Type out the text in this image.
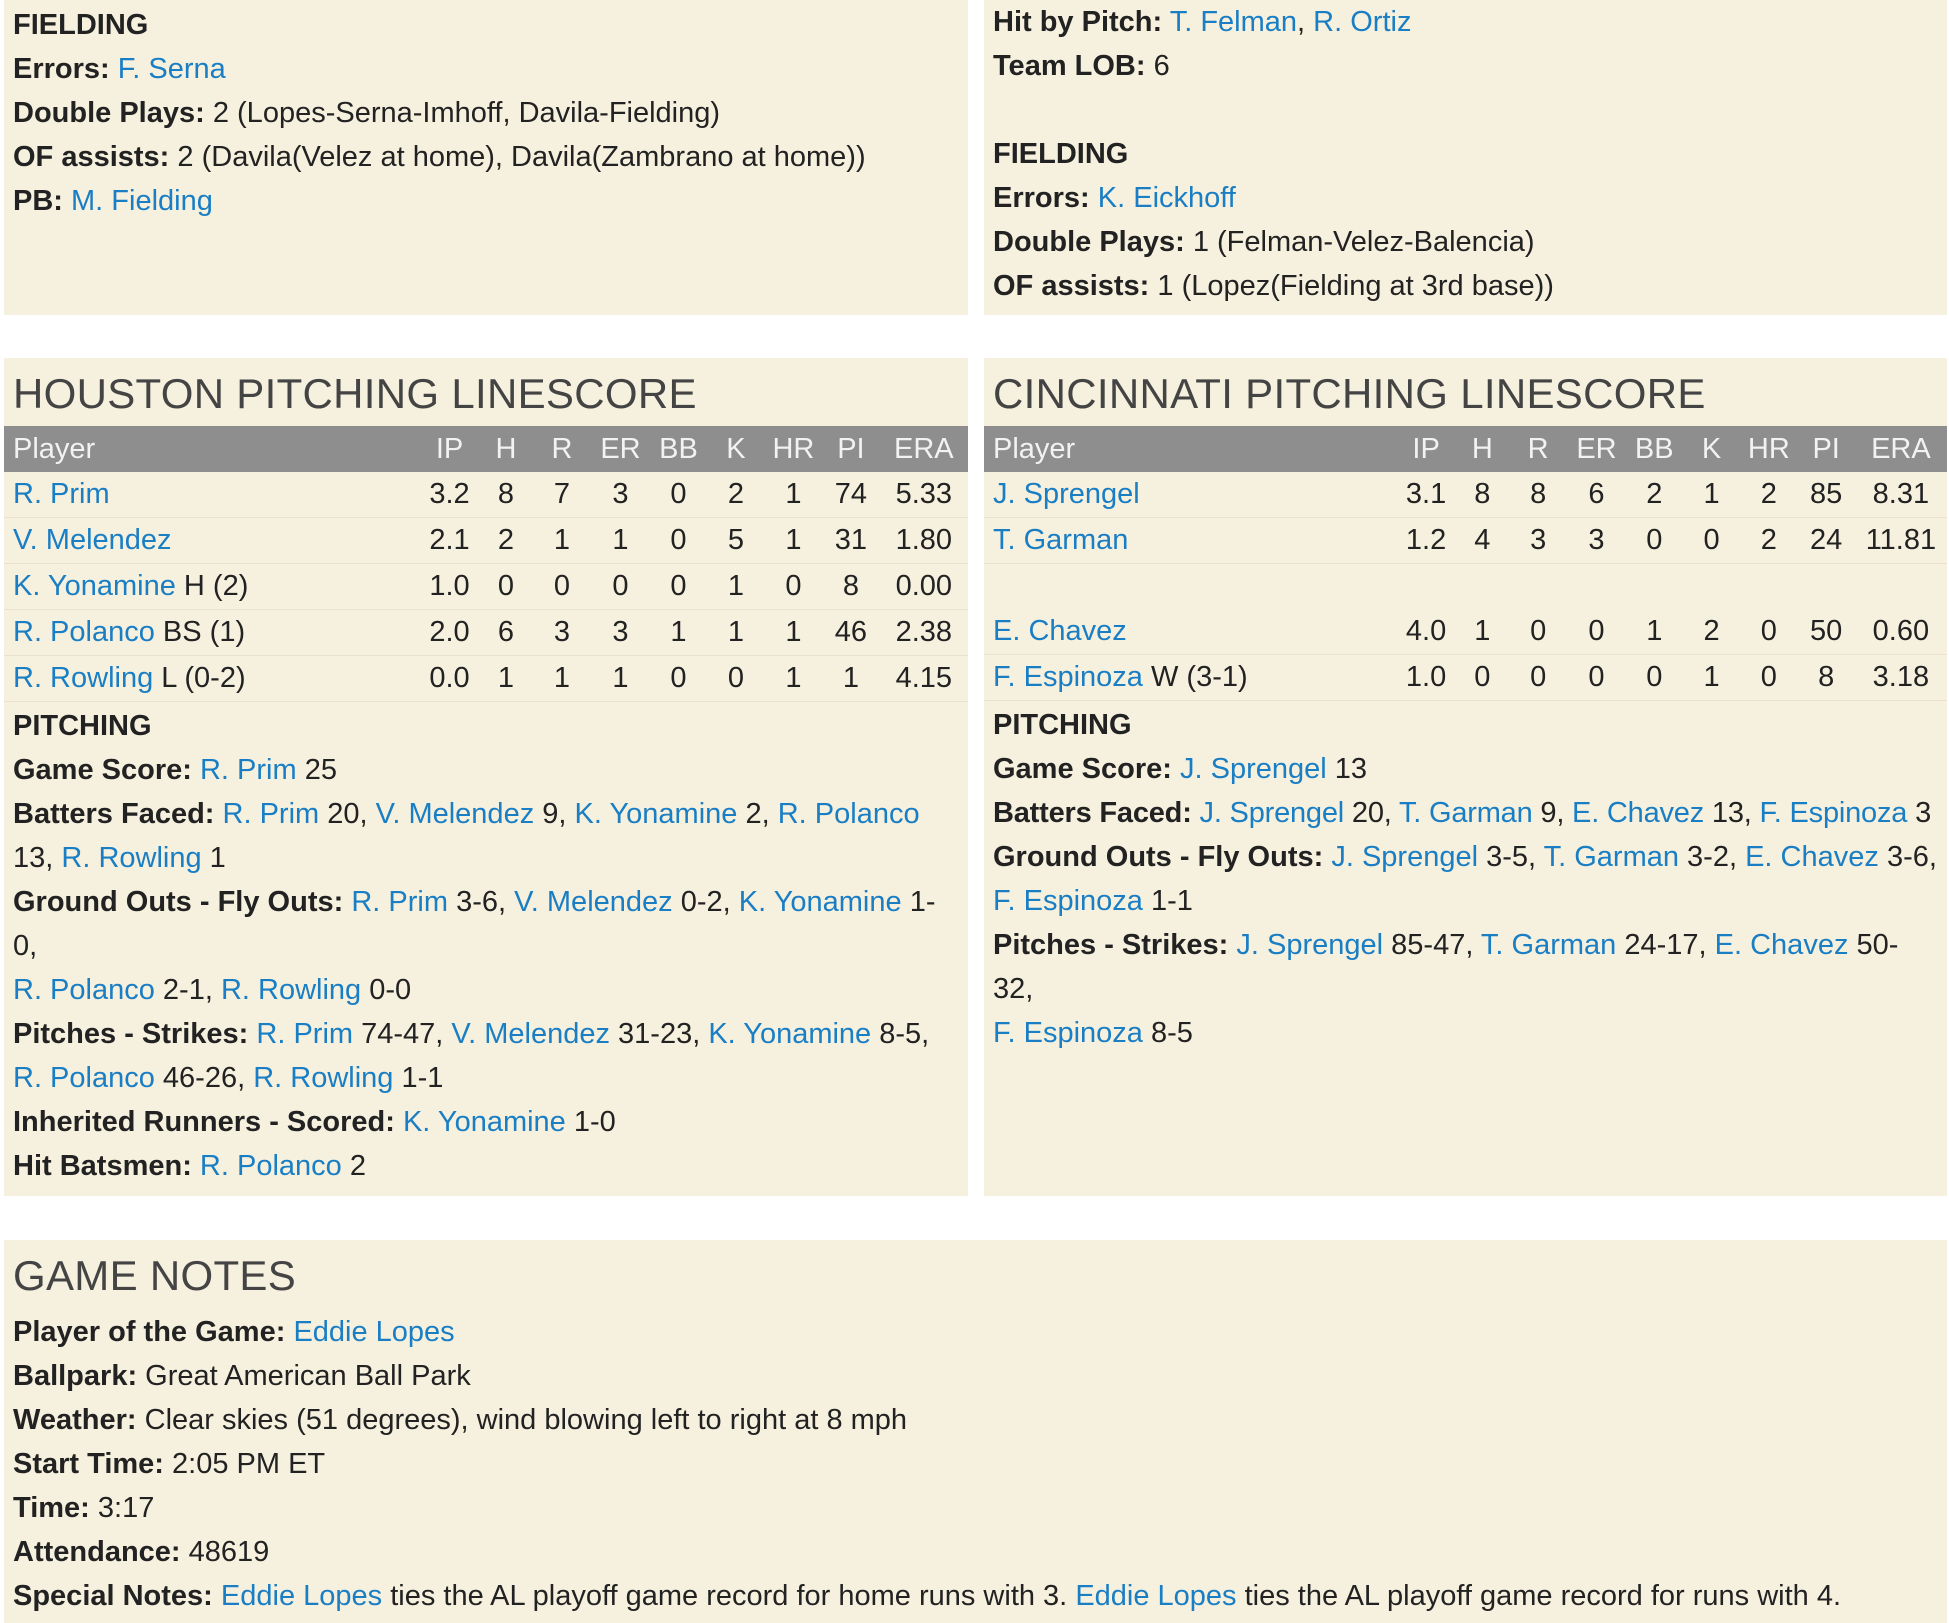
FIELDING
Errors: F. Serna
Double Plays: 2 (Lopes-Serna-Imhoff, Davila-Fielding)
OF assists: 2 (Davila(Velez at home), Davila(Zambrano at home))
PB: M. Fielding
Hit by Pitch: T. Felman, R. Ortiz
Team LOB: 6
FIELDING
Errors: K. Eickhoff
Double Plays: 1 (Felman-Velez-Balencia)
OF assists: 1 (Lopez(Fielding at 3rd base))
HOUSTON PITCHING LINESCORE
Player	IP	H	R	ER	BB	K	HR	PI	ERA
R. Prim	3.2	8	7	3	0	2	1	74	5.33
V. Melendez	2.1	2	1	1	0	5	1	31	1.80
K. Yonamine H (2)	1.0	0	0	0	0	1	0	8	0.00
R. Polanco BS (1)	2.0	6	3	3	1	1	1	46	2.38
R. Rowling L (0-2)	0.0	1	1	1	0	0	1	1	4.15
PITCHING
Game Score: R. Prim 25
Batters Faced: R. Prim 20, V. Melendez 9, K. Yonamine 2, R. Polanco
13, R. Rowling 1
Ground Outs - Fly Outs: R. Prim 3-6, V. Melendez 0-2, K. Yonamine 1-0,
R. Polanco 2-1, R. Rowling 0-0
Pitches - Strikes: R. Prim 74-47, V. Melendez 31-23, K. Yonamine 8-5,
R. Polanco 46-26, R. Rowling 1-1
Inherited Runners - Scored: K. Yonamine 1-0
Hit Batsmen: R. Polanco 2
CINCINNATI PITCHING LINESCORE
Player	IP	H	R	ER	BB	K	HR	PI	ERA
J. Sprengel	3.1	8	8	6	2	1	2	85	8.31
T. Garman	1.2	4	3	3	0	0	2	24	11.81

E. Chavez	4.0	1	0	0	1	2	0	50	0.60
F. Espinoza W (3-1)	1.0	0	0	0	0	1	0	8	3.18
PITCHING
Game Score: J. Sprengel 13
Batters Faced: J. Sprengel 20, T. Garman 9, E. Chavez 13, F. Espinoza 3
Ground Outs - Fly Outs: J. Sprengel 3-5, T. Garman 3-2, E. Chavez 3-6,
F. Espinoza 1-1
Pitches - Strikes: J. Sprengel 85-47, T. Garman 24-17, E. Chavez 50-32,
F. Espinoza 8-5
GAME NOTES
Player of the Game: Eddie Lopes
Ballpark: Great American Ball Park
Weather: Clear skies (51 degrees), wind blowing left to right at 8 mph
Start Time: 2:05 PM ET
Time: 3:17
Attendance: 48619
Special Notes: Eddie Lopes ties the AL playoff game record for home runs with 3. Eddie Lopes ties the AL playoff game record for runs with 4.
